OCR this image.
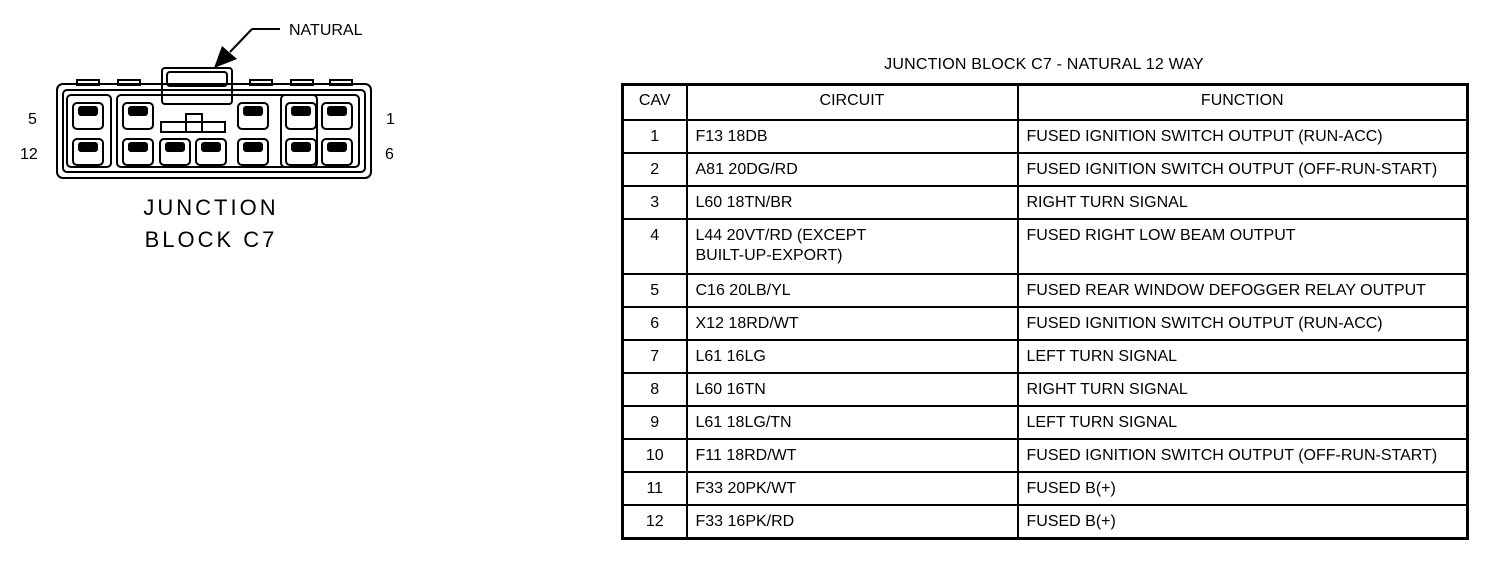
NATURAL
5
12
1
6
JUNCTION
BLOCK C7
JUNCTION BLOCK C7 - NATURAL 12 WAY
CAV	CIRCUIT	FUNCTION
1	F13 18DB	FUSED IGNITION SWITCH OUTPUT (RUN-ACC)
2	A81 20DG/RD	FUSED IGNITION SWITCH OUTPUT (OFF-RUN-START)
3	L60 18TN/BR	RIGHT TURN SIGNAL
4	L44 20VT/RD (EXCEPT
BUILT-UP-EXPORT)	FUSED RIGHT LOW BEAM OUTPUT
5	C16 20LB/YL	FUSED REAR WINDOW DEFOGGER RELAY OUTPUT
6	X12 18RD/WT	FUSED IGNITION SWITCH OUTPUT (RUN-ACC)
7	L61 16LG	LEFT TURN SIGNAL
8	L60 16TN	RIGHT TURN SIGNAL
9	L61 18LG/TN	LEFT TURN SIGNAL
10	F11 18RD/WT	FUSED IGNITION SWITCH OUTPUT (OFF-RUN-START)
11	F33 20PK/WT	FUSED B(+)
12	F33 16PK/RD	FUSED B(+)
